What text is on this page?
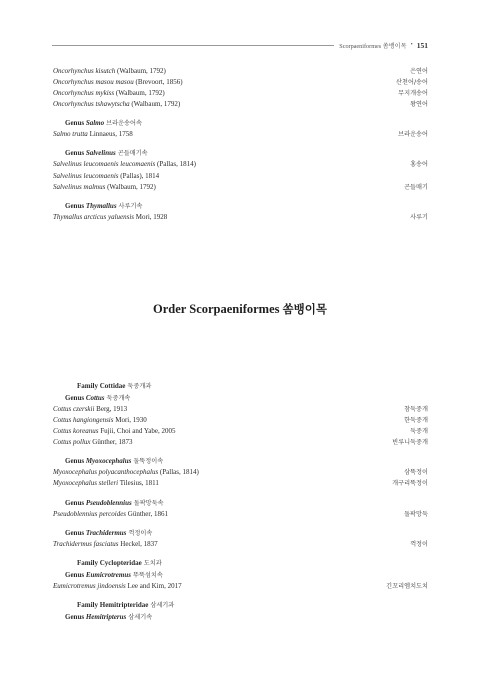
Scorpaeniformes 쏨뱅이목 • 151
Oncorhynchus kisutch (Walbaum, 1792)	은연어
Oncorhynchus masou masou (Brevoort, 1856)	산천어/송어
Oncorhynchus mykiss (Walbaum, 1792)	무지개송어
Oncorhynchus tshawytscha (Walbaum, 1792)	왕연어
Genus Salmo 브라운송어속
Salmo trutta Linnaeus, 1758	브라운송어
Genus Salvelinus 곤들매기속
Salvelinus leucomaenis leucomaenis (Pallas, 1814)	홍송어
Salvelinus leucomaenis (Pallas), 1814
Salvelinus malmus (Walbaum, 1792)	곤들매기
Genus Thymallus 사루기속
Thymallus arcticus yaluensis Mori, 1928	사루기
Order Scorpaeniformes 쏨뱅이목
Family Cottidae 둑중개과
Genus Cottus 둑중개속
Cottus czerskii Berg, 1913	참둑중개
Cottus hangiongensis Mori, 1930	한둑중개
Cottus koreanus Fujii, Choi and Yabe, 2005	둑중개
Cottus pollux Günther, 1873	빈루니둑중개
Genus Myoxocephalus 둘뚝정이속
Myoxocephalus polyacanthocephalus (Pallas, 1814)	삼뚝정이
Myoxocephalus stelleri Tilesius, 1811	개구리뚝정이
Genus Pseudoblennius 돌팍망둑속
Pseudoblennius percoides Günther, 1861	돌팍망둑
Genus Trachidermus 꺽정이속
Trachidermus fasciatus Heckel, 1837	꺽정이
Family Cyclopteridae 도치과
Genus Eumicrotremus 뚜뚝섬치속
Eumicrotremus jindoensis Lee and Kim, 2017	긴꼬리엠치도치
Family Hemitripteridae 삼세기과
Genus Hemitripterus 삼세기속
